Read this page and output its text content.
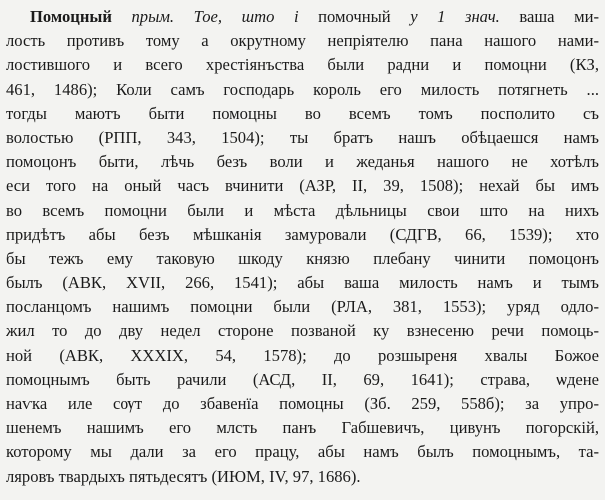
Помоцный прым. Тое, што і помочный у 1 знач. ваша ми-
лость противъ тому а окрутному непріятелю пана нашого нами-
лостившого и всего хрестіянъства были радни и помоцни (КЗ,
461, 1486); Коли самъ господарь король его милость потягнеть ...
тогды маютъ быти помоцны во всемъ томъ посполито съ
волостью (РПП, 343, 1504); ты братъ нашъ обѣцаешся намъ
помоцонъ быти, лѣчь безъ воли и жеданья нашого не хотѣлъ
еси того на оный часъ вчинити (АЗР, II, 39, 1508); нехай бы имъ
во всемъ помоцни были и мѣста дѣльницы свои што на нихъ
придѣтъ абы безъ мѣшканія замуровали (СДГВ, 66, 1539); хто
бы тежъ ему таковую шкоду князю плебану чинити помоцонъ
былъ (АВК, XVII, 266, 1541); абы ваша милость намъ и тымъ
посланцомъ нашимъ помоцни были (РЛА, 381, 1553); уряд одло-
жил то до дву недел стороне позваной ку взнесеню речи помоць-
ной (АВК, XXXIX, 54, 1578); до розшыреня хвалы Божое
помоцнымъ быть рачили (АСД, II, 69, 1641); страва, ѡдене
наѵка иле сѹт до збавенїа помоцны (Зб. 259, 558б); за упро-
шенемъ нашимъ его млсть панъ Габшевичъ, цивунъ погорскій,
которому мы дали за его працу, абы намъ былъ помоцнымъ, та-
ляровъ твардыхъ пятьдесятъ (ИЮМ, IV, 97, 1686).
